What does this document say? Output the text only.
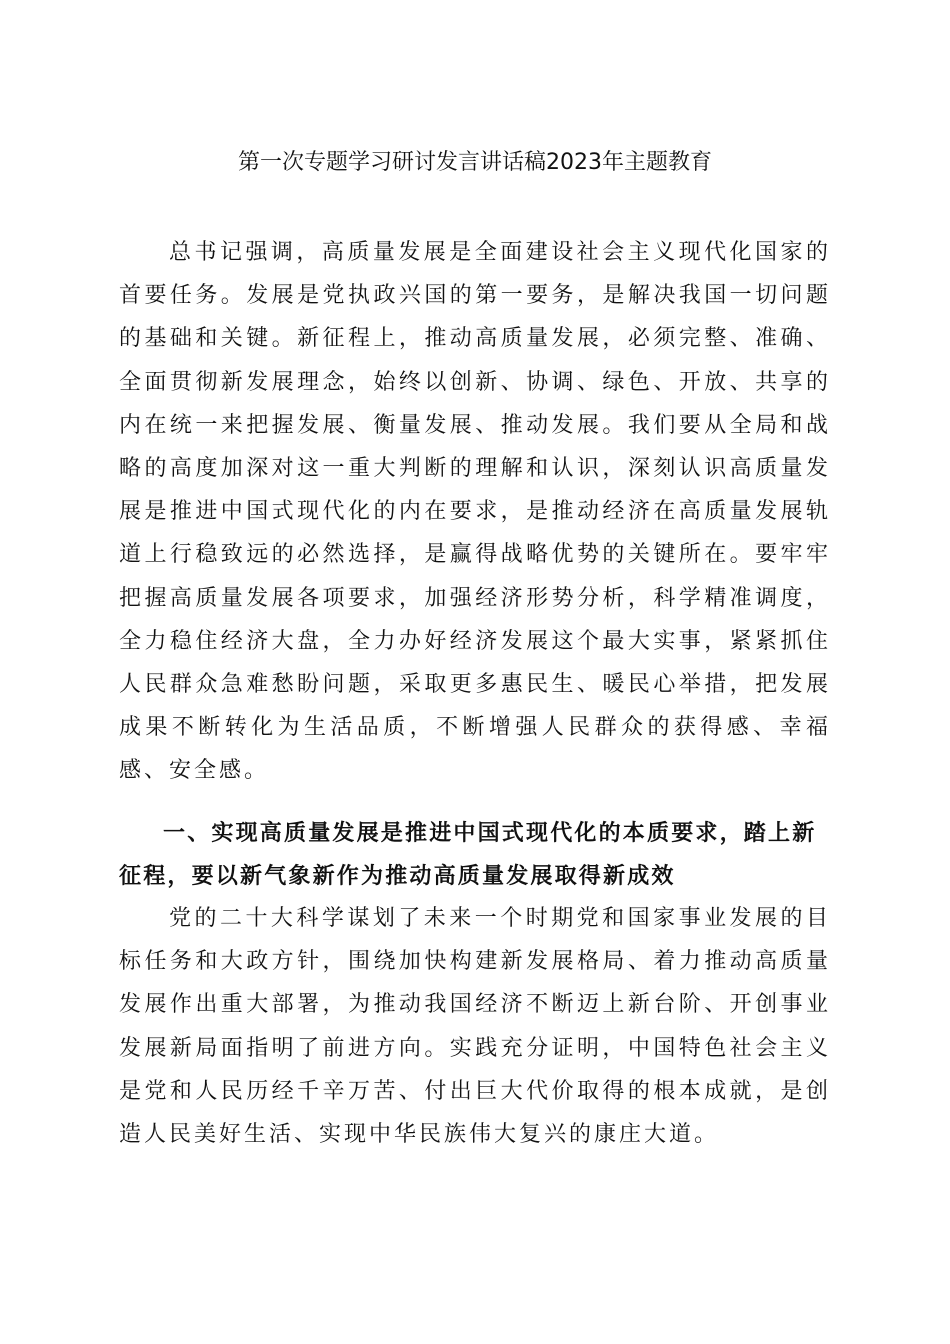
第一次专题学习研讨发言讲话稿2023年主题教育

总书记强调，高质量发展是全面建设社会主义现代化国家的首要任务。发展是党执政兴国的第一要务，是解决我国一切问题的基础和关键。新征程上，推动高质量发展，必须完整、准确、全面贯彻新发展理念，始终以创新、协调、绿色、开放、共享的内在统一来把握发展、衡量发展、推动发展。我们要从全局和战略的高度加深对这一重大判断的理解和认识，深刻认识高质量发展是推进中国式现代化的内在要求，是推动经济在高质量发展轨道上行稳致远的必然选择，是赢得战略优势的关键所在。要牢牢把握高质量发展各项要求，加强经济形势分析，科学精准调度，全力稳住经济大盘，全力办好经济发展这个最大实事，紧紧抓住人民群众急难愁盼问题，采取更多惠民生、暖民心举措，把发展成果不断转化为生活品质，不断增强人民群众的获得感、幸福感、安全感。

一、实现高质量发展是推进中国式现代化的本质要求，踏上新征程，要以新气象新作为推动高质量发展取得新成效

党的二十大科学谋划了未来一个时期党和国家事业发展的目标任务和大政方针，围绕加快构建新发展格局、着力推动高质量发展作出重大部署，为推动我国经济不断迈上新台阶、开创事业发展新局面指明了前进方向。实践充分证明，中国特色社会主义是党和人民历经千辛万苦、付出巨大代价取得的根本成就，是创造人民美好生活、实现中华民族伟大复兴的康庄大道。
